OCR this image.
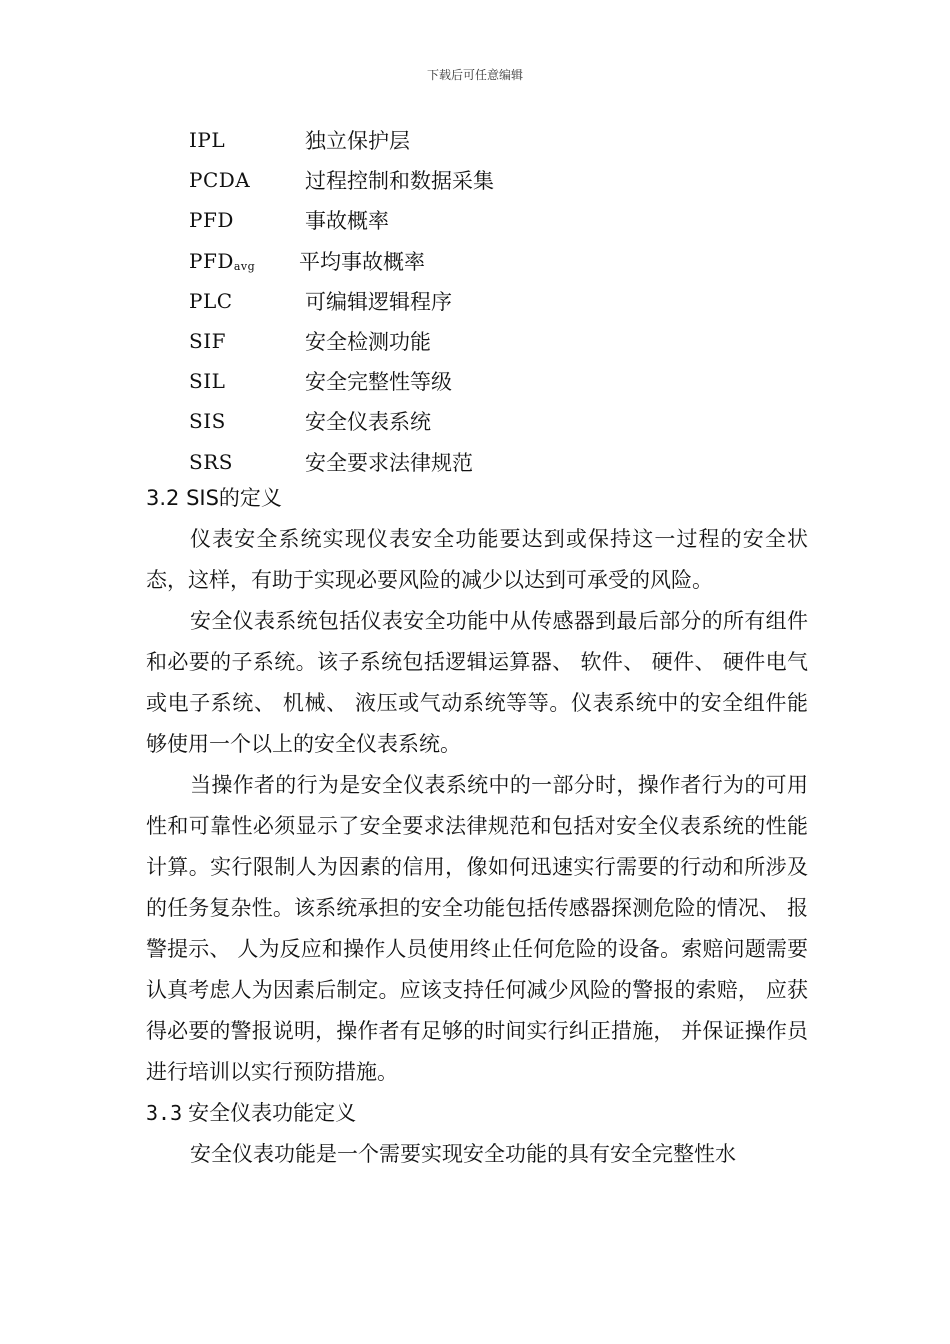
下载后可任意编辑
IPL	独立保护层
PCDA	过程控制和数据采集
PFD	事故概率
$PFD_{avg}$	平均事故概率
PLC	可编辑逻辑程序
SIF	安全检测功能
SIL	安全完整性等级
SIS	安全仪表系统
SRS	安全要求法律规范
3.2 SIS的定义

仪表安全系统实现仪表安全功能要达到或保持这一过程的安全状态，这样，有助于实现必要风险的减少以达到可承受的风险。

安全仪表系统包括仪表安全功能中从传感器到最后部分的所有组件和必要的子系统。该子系统包括逻辑运算器、 软件、 硬件、 硬件电气或电子系统、 机械、 液压或气动系统等等。仪表系统中的安全组件能够使用一个以上的安全仪表系统。

当操作者的行为是安全仪表系统中的一部分时，操作者行为的可用性和可靠性必须显示了安全要求法律规范和包括对安全仪表系统的性能计算。实行限制人为因素的信用，像如何迅速实行需要的行动和所涉及的任务复杂性。该系统承担的安全功能包括传感器探测危险的情况、 报警提示、 人为反应和操作人员使用终止任何危险的设备。索赔问题需要认真考虑人为因素后制定。应该支持任何减少风险的警报的索赔， 应获得必要的警报说明，操作者有足够的时间实行纠正措施， 并保证操作员进行培训以实行预防措施。

3.3 安全仪表功能定义

安全仪表功能是一个需要实现安全功能的具有安全完整性水
